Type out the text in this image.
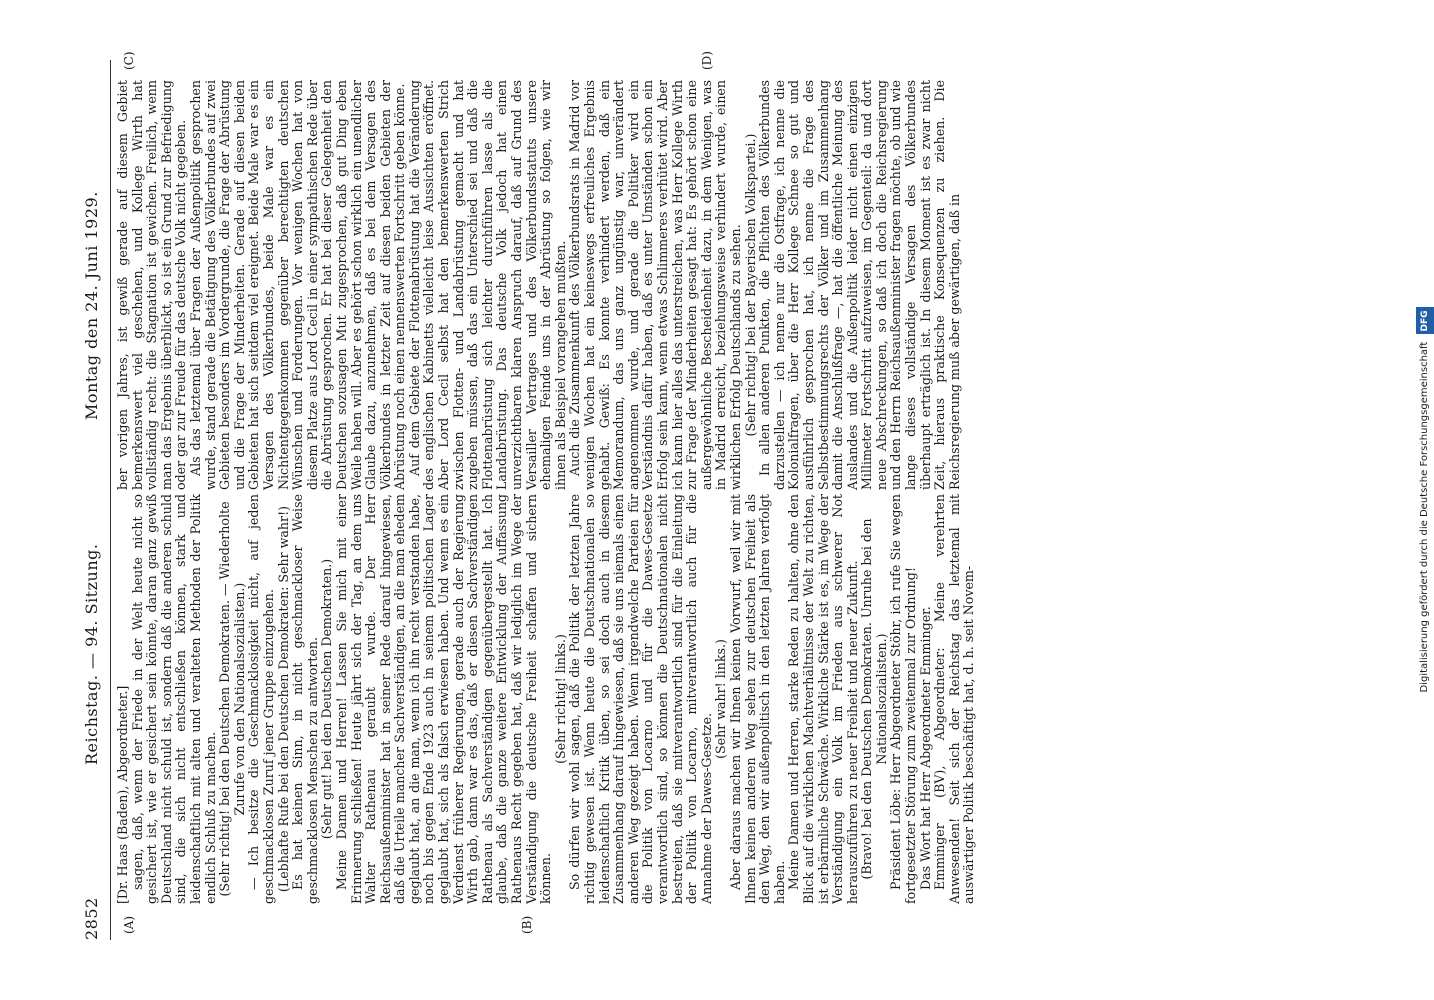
2852
Reichstag. — 94. Sitzung.
Montag den 24. Juni 1929.
(A)	(B)
(C)	(D)

[Dr. Haas (Baden), Abgeordneter.] sagen, daß, wenn der Friede in der Welt heute nicht so gesichert ist, wie er gesichert sein könnte, daran ganz gewiß Deutschland nicht schuld ist, sondern daß die anderen schuld sind, die sich nicht entschließen können, stark und leidenschaftlich mit alten und veralteten Methoden der Politik endlich Schluß zu machen. (Sehr richtig! bei den Deutschen Demokraten. — Wiederholte Zurufe von den Nationalsozialisten.) — Ich besitze die Geschmacklosigkeit nicht, auf jeden geschmacklosen Zuruf jener Gruppe einzugehen. (Lebhafte Rufe bei den Deutschen Demokraten: Sehr wahr!) Es hat keinen Sinn, in nicht geschmackloser Weise geschmacklosen Menschen zu antworten. (Sehr gut! bei den Deutschen Demokraten.) Meine Damen und Herren! Lassen Sie mich mit einer Erinnerung schließen! Heute jährt sich der Tag, an dem uns Walter Rathenau geraubt wurde. Der Herr Reichsaußenminister hat in seiner Rede darauf hingewiesen, daß die Urteile mancher Sachverständigen, an die man ehedem geglaubt hat, an die man, wenn ich ihn recht verstanden habe, noch bis gegen Ende 1923 auch in seinem politischen Lager geglaubt hat, sich als falsch erwiesen haben. Und wenn es ein Verdienst früherer Regierungen, gerade auch der Regierung Wirth gab, dann war es das, daß er diesen Sachverständigen Rathenau als Sachverständigen gegenübergestellt hat. Ich glaube, daß die ganze weitere Entwicklung der Auffassung Rathenaus Recht gegeben hat, daß wir lediglich im Wege der Verständigung die deutsche Freiheit schaffen und sichern können.

(Sehr richtig! links.) So dürfen wir wohl sagen, daß die Politik der letzten Jahre richtig gewesen ist. Wenn heute die Deutschnationalen so leidenschaftlich Kritik üben, so sei doch auch in diesem Zusammenhang darauf hingewiesen, daß sie uns niemals einen anderen Weg gezeigt haben. Wenn irgendwelche Parteien für die Politik von Locarno und für die Dawes-Gesetze verantwortlich sind, so können die Deutschnationalen nicht bestreiten, daß sie mitverantwortlich sind für die Einleitung der Politik von Locarno, mitverantwortlich auch für die Annahme der Dawes-Gesetze.

(Sehr wahr! links.) Aber daraus machen wir Ihnen keinen Vorwurf, weil wir mit Ihnen keinen anderen Weg sehen zur deutschen Freiheit als den Weg, den wir außenpolitisch in den letzten Jahren verfolgt haben. Meine Damen und Herren, starke Reden zu halten, ohne den Blick auf die wirklichen Machtverhältnisse der Welt zu richten, ist erbärmliche Schwäche. Wirkliche Stärke ist es, im Wege der Verständigung ein Volk im Frieden aus schwerer Not herauszuführen zu neuer Freiheit und neuer Zukunft. (Bravo! bei den Deutschen Demokraten. Unruhe bei den Nationalsozialisten.) Präsident Löbe: Herr Abgeordneter Stöhr, ich rufe Sie wegen fortgesetzter Störung zum zweitenmal zur Ordnung! Das Wort hat Herr Abgeordneter Emminger. Emminger (BV), Abgeordneter: Meine verehrten Anwesenden! Seit sich der Reichstag das letztemal mit auswärtiger Politik beschäftigt hat, d. h. seit Novem-

ber vorigen Jahres, ist gewiß gerade auf diesem Gebiet bemerkenswert viel geschehen, und Kollege Wirth hat vollständig recht: die Stagnation ist gewichen. Freilich, wenn man das Ergebnis überblickt, so ist ein Grund zur Befriedigung oder gar zur Freude für das deutsche Volk nicht gegeben. Als das letztemal über Fragen der Außenpolitik gesprochen wurde, stand gerade die Betätigung des Völkerbundes auf zwei Gebieten besonders im Vordergrunde, die Frage der Abrüstung und die Frage der Minderheiten. Gerade auf diesen beiden Gebieten hat sich seitdem viel ereignet. Beide Male war es ein Versagen des Völkerbundes, beide Male war es ein Nichtentgegenkommen gegenüber berechtigten deutschen Wünschen und Forderungen. Vor wenigen Wochen hat von diesem Platze aus Lord Cecil in einer sympathischen Rede über die Abrüstung gesprochen. Er hat bei dieser Gelegenheit den Deutschen sozusagen Mut zugesprochen, daß gut Ding eben Weile haben will. Aber es gehört schon wirklich ein unendlicher Glaube dazu, anzunehmen, daß es bei dem Versagen des Völkerbundes in letzter Zeit auf diesen beiden Gebieten der Abrüstung noch einen nennenswerten Fortschritt geben könne. Auf dem Gebiete der Flottenabrüstung hat die Veränderung des englischen Kabinetts vielleicht leise Aussichten eröffnet. Aber Lord Cecil selbst hat den bemerkenswerten Strich zwischen Flotten- und Landabrüstung gemacht und hat zugeben müssen, daß das ein Unterschied sei und daß die Flottenabrüstung sich leichter durchführen lasse als die Landabrüstung. Das deutsche Volk jedoch hat einen unverzichtbaren klaren Anspruch darauf, daß auf Grund des Versailler Vertrages und des Völkerbundsstatuts unsere ehemaligen Feinde uns in der Abrüstung so folgen, wie wir ihnen als Beispiel vorangehen mußten. Auch die Zusammenkunft des Völkerbundsrats in Madrid vor wenigen Wochen hat ein keineswegs erfreuliches Ergebnis gehabt. Gewiß: Es konnte verhindert werden, daß ein Memorandum, das uns ganz ungünstig war, unverändert angenommen wurde, und gerade die Politiker wird ein Verständnis dafür haben, daß es unter Umständen schon ein Erfolg sein kann, wenn etwas Schlimmeres verhütet wird. Aber ich kann hier alles das unterstreichen, was Herr Kollege Wirth zur Frage der Minderheiten gesagt hat: Es gehört schon eine außergewöhnliche Bescheidenheit dazu, in dem Wenigen, was in Madrid erreicht, beziehungsweise verhindert wurde, einen wirklichen Erfolg Deutschlands zu sehen. (Sehr richtig! bei der Bayerischen Volkspartei.) In allen anderen Punkten, die Pflichten des Völkerbundes darzustellen — ich nenne nur die Ostfrage, ich nenne die Kolonialfragen, über die Herr Kollege Schnee so gut und ausführlich gesprochen hat, ich nenne die Frage des Selbstbestimmungsrechts der Völker und im Zusammenhang damit die Anschlußfrage —, hat die öffentliche Meinung des Auslandes und die Außenpolitik leider nicht einen einzigen Millimeter Fortschritt aufzuweisen, im Gegenteil: da und dort neue Abschreckungen, so daß ich doch die Reichsregierung und den Herrn Reichsaußenminister fragen möchte, ob und wie lange dieses vollständige Versagen des Völkerbundes überhaupt erträglich ist. In diesem Moment ist es zwar nicht Zeit, hieraus praktische Konsequenzen zu ziehen. Die Reichsregierung muß aber gewärtigen, daß in	Digitalisierung gefördert durch die Deutsche Forschungsgemeinschaft DFG
